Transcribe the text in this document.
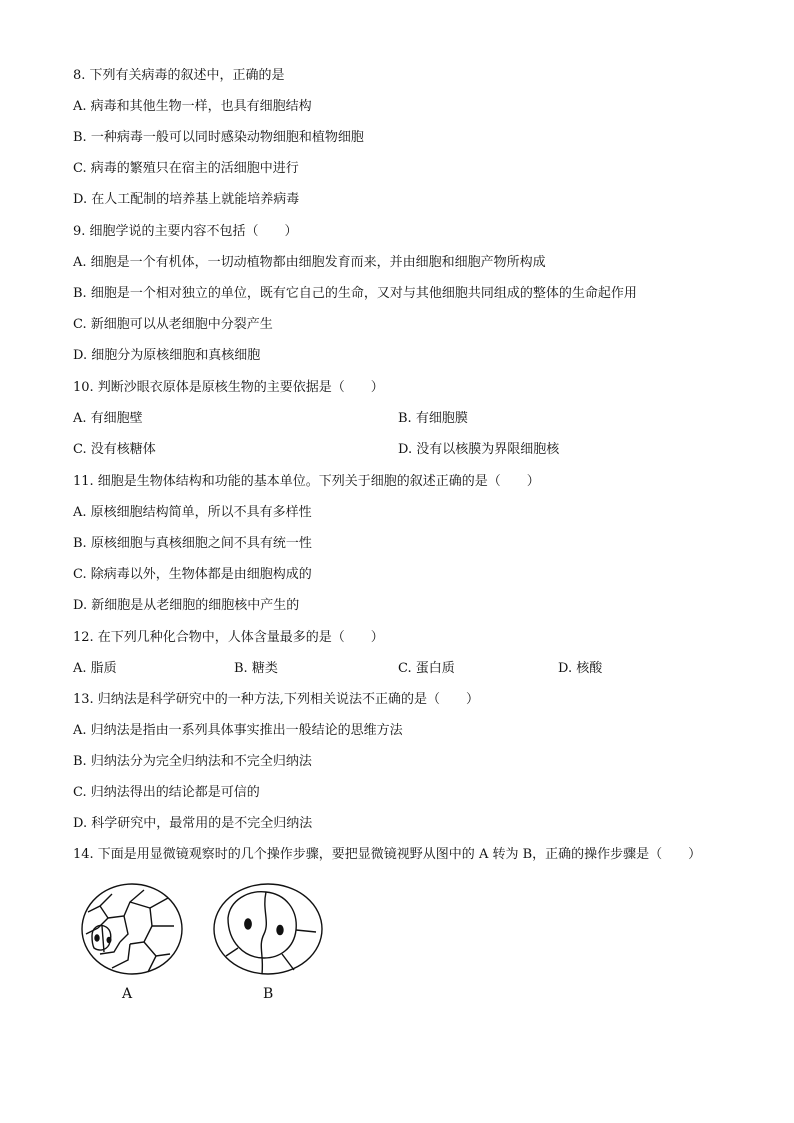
8. 下列有关病毒的叙述中，正确的是
A. 病毒和其他生物一样，也具有细胞结构
B. 一种病毒一般可以同时感染动物细胞和植物细胞
C. 病毒的繁殖只在宿主的活细胞中进行
D. 在人工配制的培养基上就能培养病毒
9. 细胞学说的主要内容不包括（　　）
A. 细胞是一个有机体，一切动植物都由细胞发育而来，并由细胞和细胞产物所构成
B. 细胞是一个相对独立的单位，既有它自己的生命，又对与其他细胞共同组成的整体的生命起作用
C. 新细胞可以从老细胞中分裂产生
D. 细胞分为原核细胞和真核细胞
10. 判断沙眼衣原体是原核生物的主要依据是（　　）
A. 有细胞壁	B. 有细胞膜
C. 没有核糖体	D. 没有以核膜为界限细胞核
11. 细胞是生物体结构和功能的基本单位。下列关于细胞的叙述正确的是（　　）
A. 原核细胞结构简单，所以不具有多样性
B. 原核细胞与真核细胞之间不具有统一性
C. 除病毒以外，生物体都是由细胞构成的
D. 新细胞是从老细胞的细胞核中产生的
12. 在下列几种化合物中，人体含量最多的是（　　）
A. 脂质	B. 糖类	C. 蛋白质	D. 核酸
13. 归纳法是科学研究中的一种方法,下列相关说法不正确的是（　　）
A. 归纳法是指由一系列具体事实推出一般结论的思维方法
B. 归纳法分为完全归纳法和不完全归纳法
C. 归纳法得出的结论都是可信的
D. 科学研究中，最常用的是不完全归纳法
14. 下面是用显微镜观察时的几个操作步骤，要把显微镜视野从图中的 A 转为 B，正确的操作步骤是（　　）
A	B
